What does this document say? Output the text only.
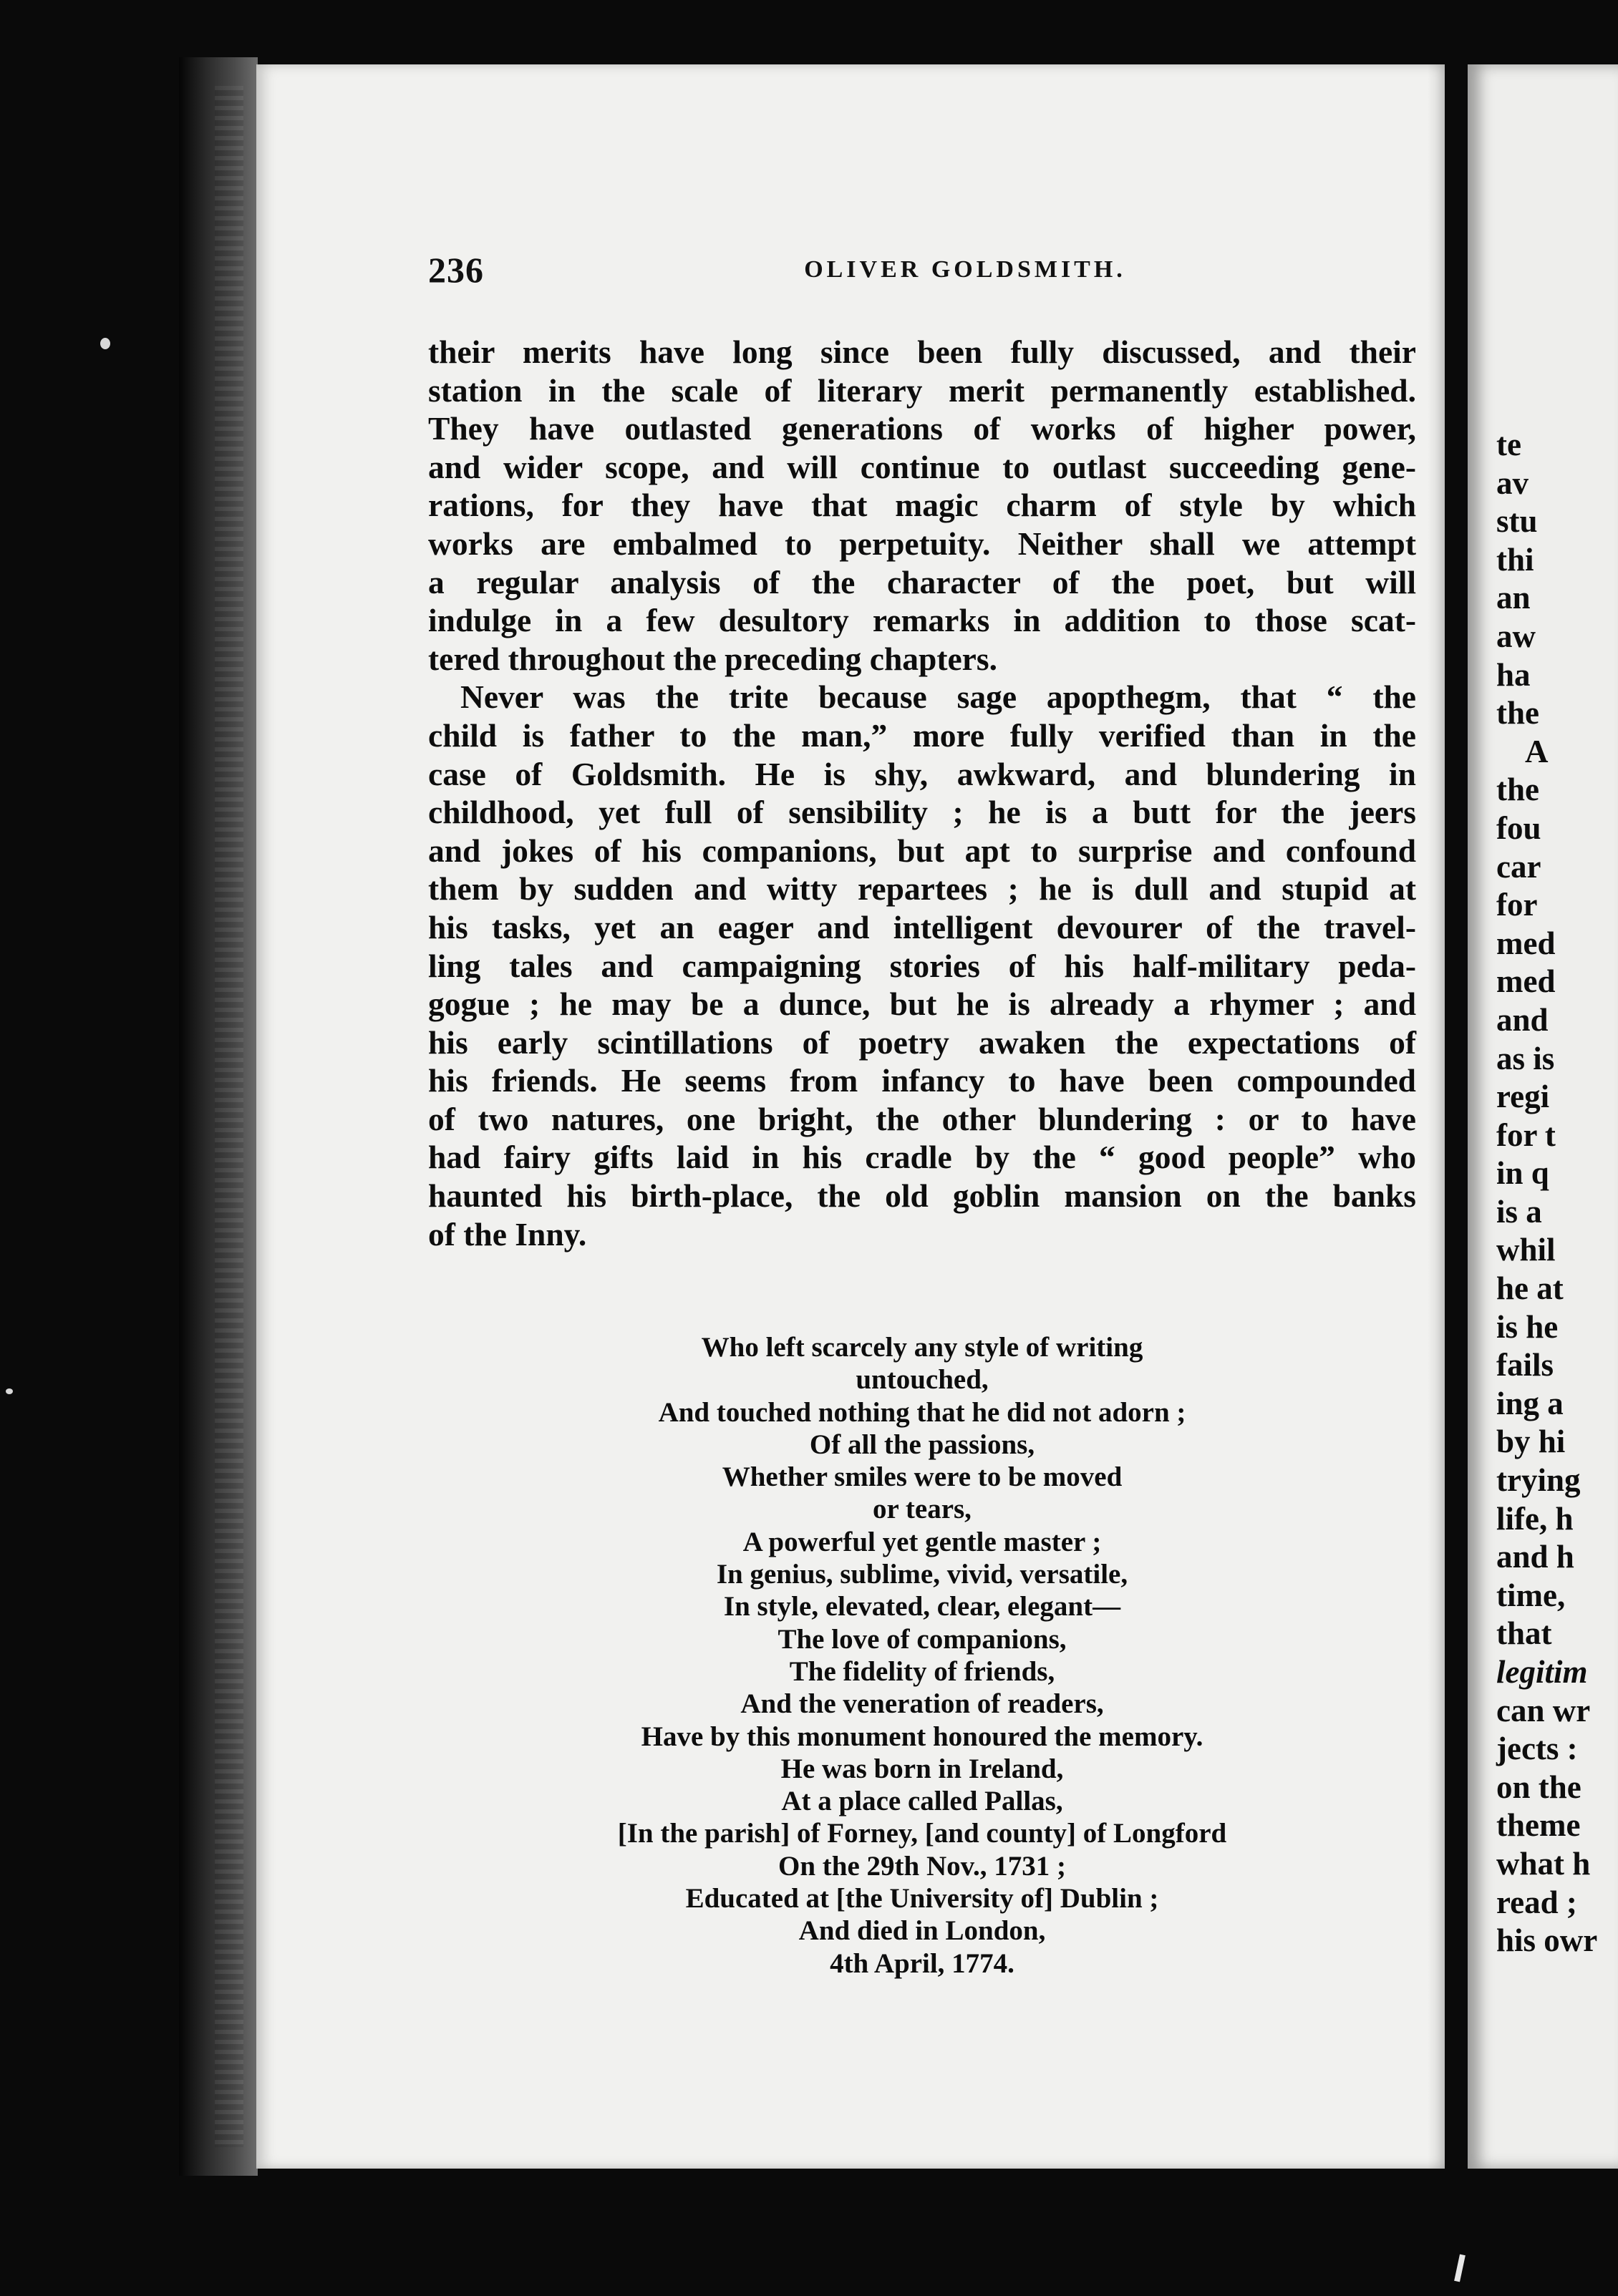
236	OLIVER GOLDSMITH.

their merits have long since been fully discussed, and their

station in the scale of literary merit permanently established.

They have outlasted generations of works of higher power,

and wider scope, and will continue to outlast succeeding gene-

rations, for they have that magic charm of style by which

works are embalmed to perpetuity. Neither shall we attempt

a regular analysis of the character of the poet, but will

indulge in a few desultory remarks in addition to those scat-

tered throughout the preceding chapters.

Never was the trite because sage apopthegm, that “ the

child is father to the man,” more fully verified than in the

case of Goldsmith. He is shy, awkward, and blundering in

childhood, yet full of sensibility ; he is a butt for the jeers

and jokes of his companions, but apt to surprise and confound

them by sudden and witty repartees ; he is dull and stupid at

his tasks, yet an eager and intelligent devourer of the travel-

ling tales and campaigning stories of his half-military peda-

gogue ; he may be a dunce, but he is already a rhymer ; and

his early scintillations of poetry awaken the expectations of

his friends. He seems from infancy to have been compounded

of two natures, one bright, the other blundering : or to have

had fairy gifts laid in his cradle by the “ good people” who

haunted his birth-place, the old goblin mansion on the banks

of the Inny.

Who left scarcely any style of writing
untouched,
And touched nothing that he did not adorn ;
Of all the passions,
Whether smiles were to be moved
or tears,
A powerful yet gentle master ;
In genius, sublime, vivid, versatile,
In style, elevated, clear, elegant—
The love of companions,
The fidelity of friends,
And the veneration of readers,
Have by this monument honoured the memory.
He was born in Ireland,
At a place called Pallas,
[In the parish] of Forney, [and county] of Longford
On the 29th Nov., 1731 ;
Educated at [the University of] Dublin ;
And died in London,
4th April, 1774.
te
av
stu
thi
an
aw
ha
the
A
the
fou
car
for
med
med
and
as is
regi
for t
in q
is a
whil
he at
is he
fails
ing a
by hi
trying
life, h
and h
time,
that
legitim
can wr
jects :
on the
theme
what h
read ;
his owr
